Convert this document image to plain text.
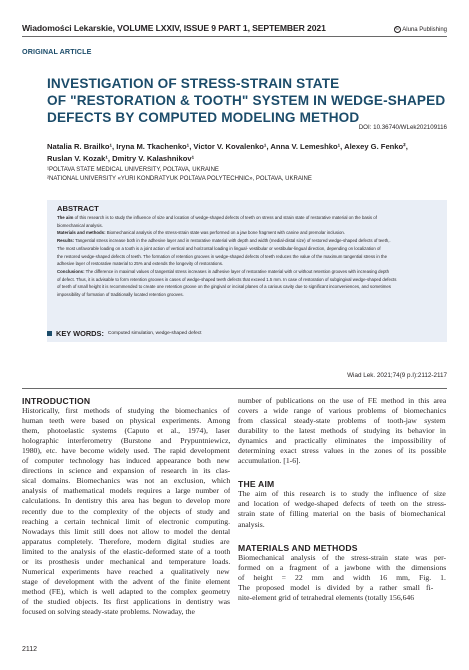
Wiadomości Lekarskie, VOLUME LXXIV, ISSUE 9 PART 1, SEPTEMBER 2021	© Aluna Publishing
ORIGINAL ARTICLE
INVESTIGATION OF STRESS-STRAIN STATE
OF "RESTORATION & TOOTH" SYSTEM IN WEDGE-SHAPED
DEFECTS BY COMPUTED MODELING METHOD
DOI: 10.36740/WLek202109116
Natalia R. Brailko¹, Iryna M. Tkachenko¹, Victor V. Kovalenko¹, Anna V. Lemeshko¹, Alexey G. Fenko²,
Ruslan V. Kozak¹, Dmitry V. Kalashnikov¹
¹POLTAVA STATE MEDICAL UNIVERSITY, POLTAVA, UKRAINE
²NATIONAL UNIVERSITY «YURI KONDRATYUK POLTAVA POLYTECHNIC», POLTAVA, UKRAINE
ABSTRACT

The aim of this research is to study the influence of size and location of wedge-shaped defects of teeth on stress and strain state of restorative material on the basis of

biomechanical analysis.

Materials and methods: Biomechanical analysis of the stress-strain state was performed on a jaw bone fragment with canine and premolar inclusion.

Results: Tangential stress increase both in the adhesive layer and in restorative material with depth and width (medial-distal size) of restored wedge-shaped defects of teeth,.

The most unfavorable loading on a tooth is a joint action of vertical and horizontal loading in lingual- vestibular or vestibular-lingual direction, depending on localization of

the restored wedge-shaped defects of teeth. The formation of retention grooves in wedge-shaped defects of teeth reduces the value of the maximum tangential stress in the

adhesive layer of restorative material to 25% and extends the longevity of restorations.

Conclusions: The difference in maximal values of tangential stress increases in adhesive layer of restorative material with or without retention grooves with increasing depth

of defect. Thus, it is advisable to form retention grooves in cases of wedge-shaped teeth defects that exceed 1.5 mm. In case of restoration of subgingival wedge-shaped defects

of teeth of small height it is recommended to create one retention groove on the gingival or incisal planes of a carious cavity due to significant inconveniences, and sometimes

impossibility of formation of traditionally located retention grooves.

KEY WORDS: Computed simulation, wedge-shaped defect
Wiad Lek. 2021;74(9 p.I):2112-2117
INTRODUCTION
Historically, first methods of studying the biomechanics of
human teeth were based on physical experiments. Among
them, photoelastic systems (Caputo et al., 1974), laser
holographic interferometry (Burstone and Prypuntniewicz,
1980), etc. have become widely used. The rapid development
of computer technology has induced appearance both new
directions in science and expansion of research in its clas-
sical domains. Biomechanics was not an exclusion, which
analysis of mathematical models requires a large number of
calculations. In dentistry this area has begun to develop more
recently due to the complexity of the objects of study and
reaching a certain technical limit of electronic computing.
Nowadays this limit still does not allow to model the dental
apparatus completely. Therefore, modern digital studies are
limited to the analysis of the elastic-deformed state of a tooth
or its prosthesis under mechanical and temperature loads.
Numerical experiments have reached a qualitatively new
stage of development with the advent of the finite element
method (FE), which is well adapted to the complex geometry
of the studied objects. Its first applications in dentistry was
focused on solving steady-state problems. Nowaday, the
number of publications on the use of FE method in this area
covers a wide range of various problems of biomechanics
from classical steady-state problems of tooth-jaw system
durability to the latest methods of studying its behavior in
dynamics and practically eliminates the impossibility of
determining exact stress values in the zones of its possible
accumulation. [1-6].
THE AIM
The aim of this research is to study the influence of size
and location of wedge-shaped defects of teeth on the stress-
strain state of filling material on the basis of biomechanical
analysis.
MATERIALS AND METHODS
Biomechanical analysis of the stress-strain state was per-
formed on a fragment of a jawbone with the dimensions
of height = 22 mm and width 16 mm, Fig. 1.
The proposed model is divided by a rather small fi-
nite-element grid of tetrahedral elements (totally 156,646
2112
